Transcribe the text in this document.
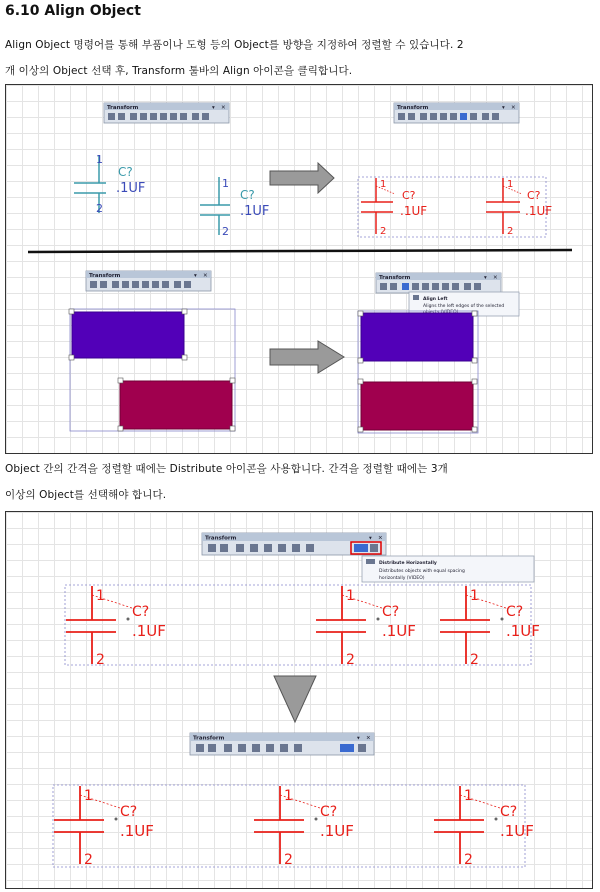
6.10 Align Object
Align Object 명령어를 통해 부품이나 도형 등의 Object를 방향을 지정하여 정렬할 수 있습니다. 2
개 이상의 Object 선택 후, Transform 툴바의 Align 아이콘을 클릭합니다.
Transform	▾ ✕	Transform	▾ ✕
1
2
C?
.1UF	1
2
C?
.1UF
1
2
C?
.1UF
1
2
C?
.1UF
Transform	▾ ✕	Transform	▾ ✕
Align Left
Aligns the left edges of the selected
Object 간의 간격을 정렬할 때에는 Distribute 아이콘을 사용합니다. 간격을 정렬할 때에는 3개
이상의 Object를 선택해야 합니다.
Transform	▾ ✕
Distribute Horizontally
Distributes objects with equal spacing
horizontally (VIDEO)
1
2
C?
.1UF
1
2
C?
.1UF
1
2
C?
.1UF
Transform	▾ ✕
1
2
C?
.1UF
1
2
C?
.1UF
1
2
C?
.1UF
